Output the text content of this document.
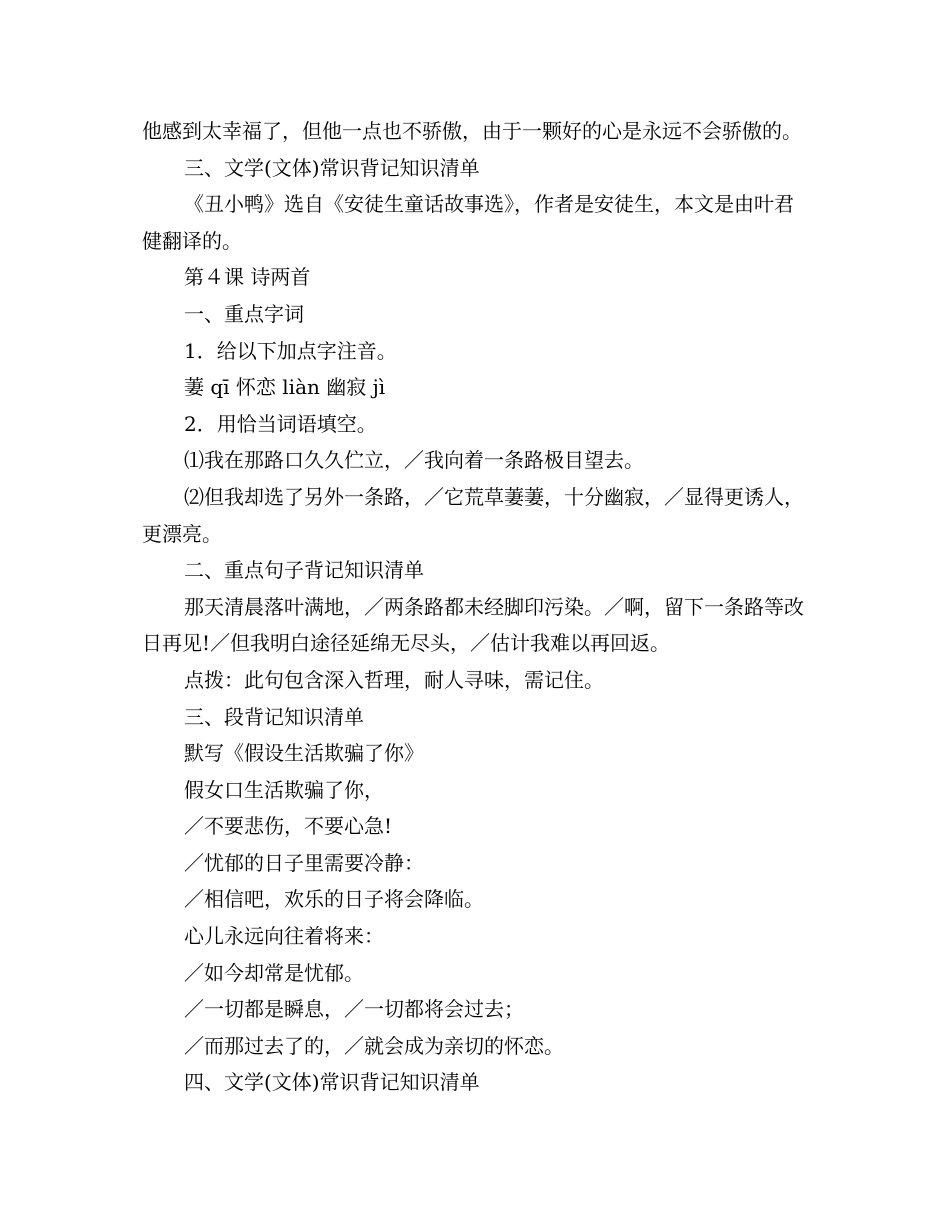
他感到太幸福了，但他一点也不骄傲，由于一颗好的心是永远不会骄傲的。

三、文学(文体)常识背记知识清单

《丑小鸭》选自《安徒生童话故事选》，作者是安徒生，本文是由叶君健翻译的。

第４课 诗两首

一、重点字词

1．给以下加点字注音。

萋 qī 怀恋 liàn 幽寂 jì

2．用恰当词语填空。

⑴我在那路口久久伫立，／我向着一条路极目望去。

⑵但我却选了另外一条路，／它荒草萋萋，十分幽寂，／显得更诱人，更漂亮。

二、重点句子背记知识清单

那天清晨落叶满地，／两条路都未经脚印污染。／啊，留下一条路等改日再见!／但我明白途径延绵无尽头，／估计我难以再回返。

点拨：此句包含深入哲理，耐人寻味，需记住。

三、段背记知识清单

默写《假设生活欺骗了你》

假女口生活欺骗了你，

／不要悲伤，不要心急!

／忧郁的日子里需要冷静：

／相信吧，欢乐的日子将会降临。

心儿永远向往着将来：

／如今却常是忧郁。

／一切都是瞬息，／一切都将会过去；

／而那过去了的，／就会成为亲切的怀恋。

四、文学(文体)常识背记知识清单
